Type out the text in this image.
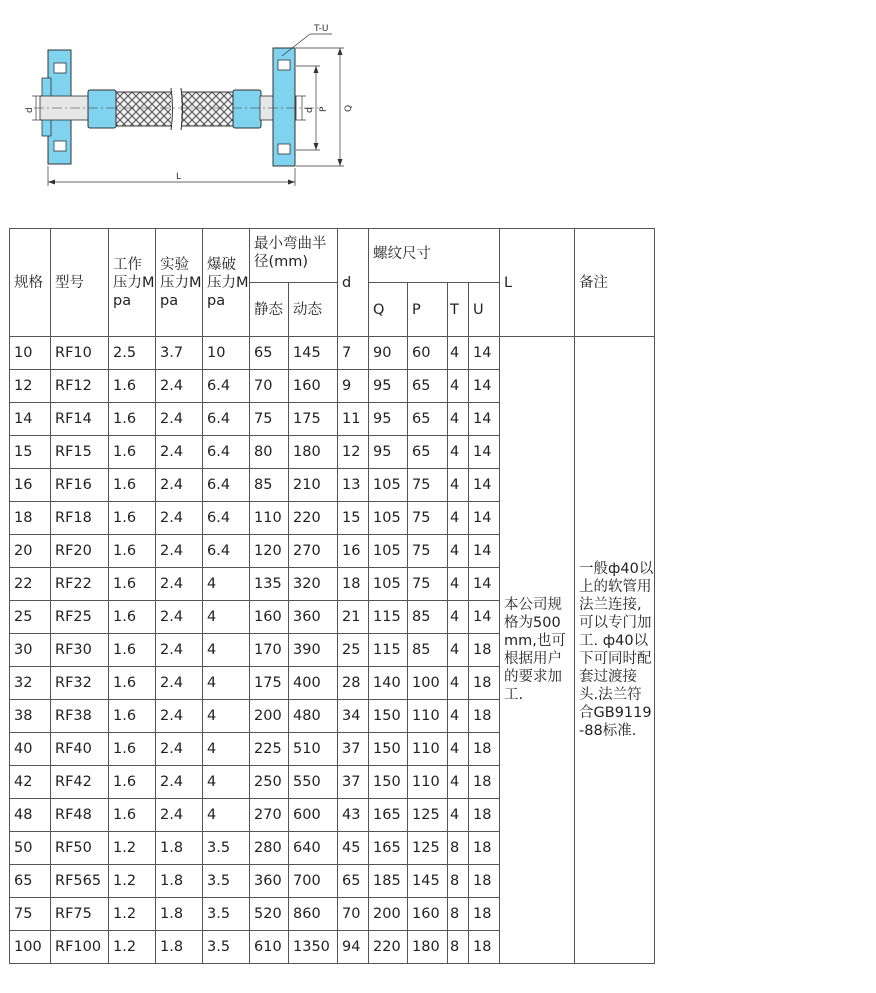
T-U
d	d P Q
L
规格	型号	工作压力Mpa	实验压力Mpa	爆破压力Mpa	最小弯曲半径(mm)		d	螺纹尺寸				L	备注
					静态	动态		Q	P	T	U		
10	RF10	2.5	3.7	10	65	145	7	90	60	4	14	本公司规格为500mm,也可根据用户的要求加工.	一般ф40以上的软管用法兰连接,可以专门加工. ф40以下可同时配套过渡接头.法兰符合GB9119-88标准.
12	RF12	1.6	2.4	6.4	70	160	9	95	65	4	14		
14	RF14	1.6	2.4	6.4	75	175	11	95	65	4	14		
15	RF15	1.6	2.4	6.4	80	180	12	95	65	4	14		
16	RF16	1.6	2.4	6.4	85	210	13	105	75	4	14		
18	RF18	1.6	2.4	6.4	110	220	15	105	75	4	14		
20	RF20	1.6	2.4	6.4	120	270	16	105	75	4	14		
22	RF22	1.6	2.4	4	135	320	18	105	75	4	14		
25	RF25	1.6	2.4	4	160	360	21	115	85	4	14		
30	RF30	1.6	2.4	4	170	390	25	115	85	4	18		
32	RF32	1.6	2.4	4	175	400	28	140	100	4	18		
38	RF38	1.6	2.4	4	200	480	34	150	110	4	18		
40	RF40	1.6	2.4	4	225	510	37	150	110	4	18		
42	RF42	1.6	2.4	4	250	550	37	150	110	4	18		
48	RF48	1.6	2.4	4	270	600	43	165	125	4	18		
50	RF50	1.2	1.8	3.5	280	640	45	165	125	8	18		
65	RF565	1.2	1.8	3.5	360	700	65	185	145	8	18		
75	RF75	1.2	1.8	3.5	520	860	70	200	160	8	18		
100	RF100	1.2	1.8	3.5	610	1350	94	220	180	8	18		
